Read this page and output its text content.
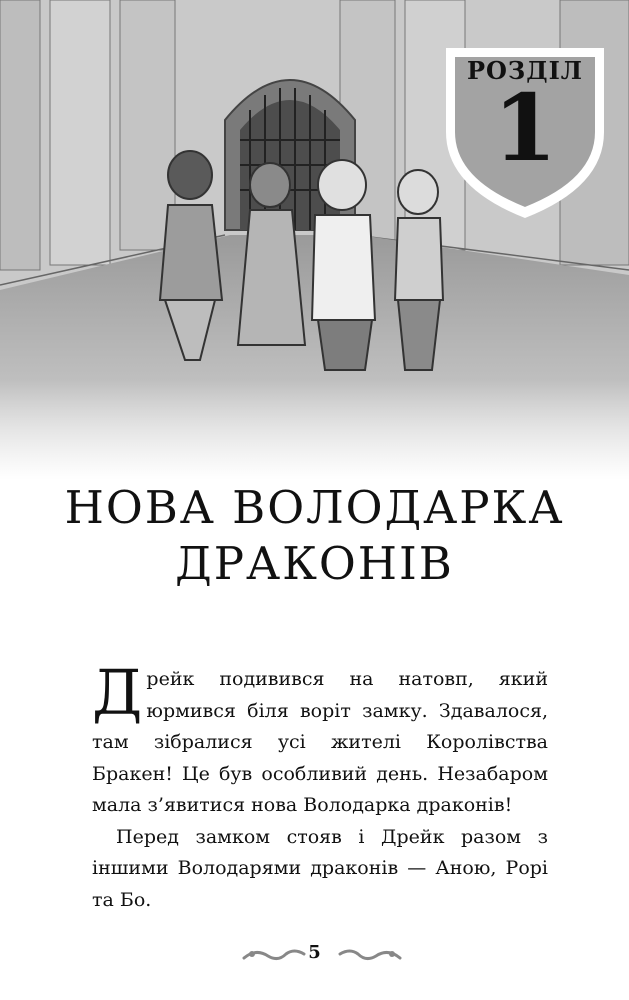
РОЗДІЛ
1
НОВА ВОЛОДАРКА
ДРАКОНІВ

Дрейк подивився на натовп, який юрмився біля воріт замку. Здавалося, там зібралися усі жителі Королівства Бракен! Це був особливий день. Незабаром мала з’явитися нова Володарка драконів!

Перед замком стояв і Дрейк разом з іншими Володарями драконів — Аною, Рорі та Бо.

5
